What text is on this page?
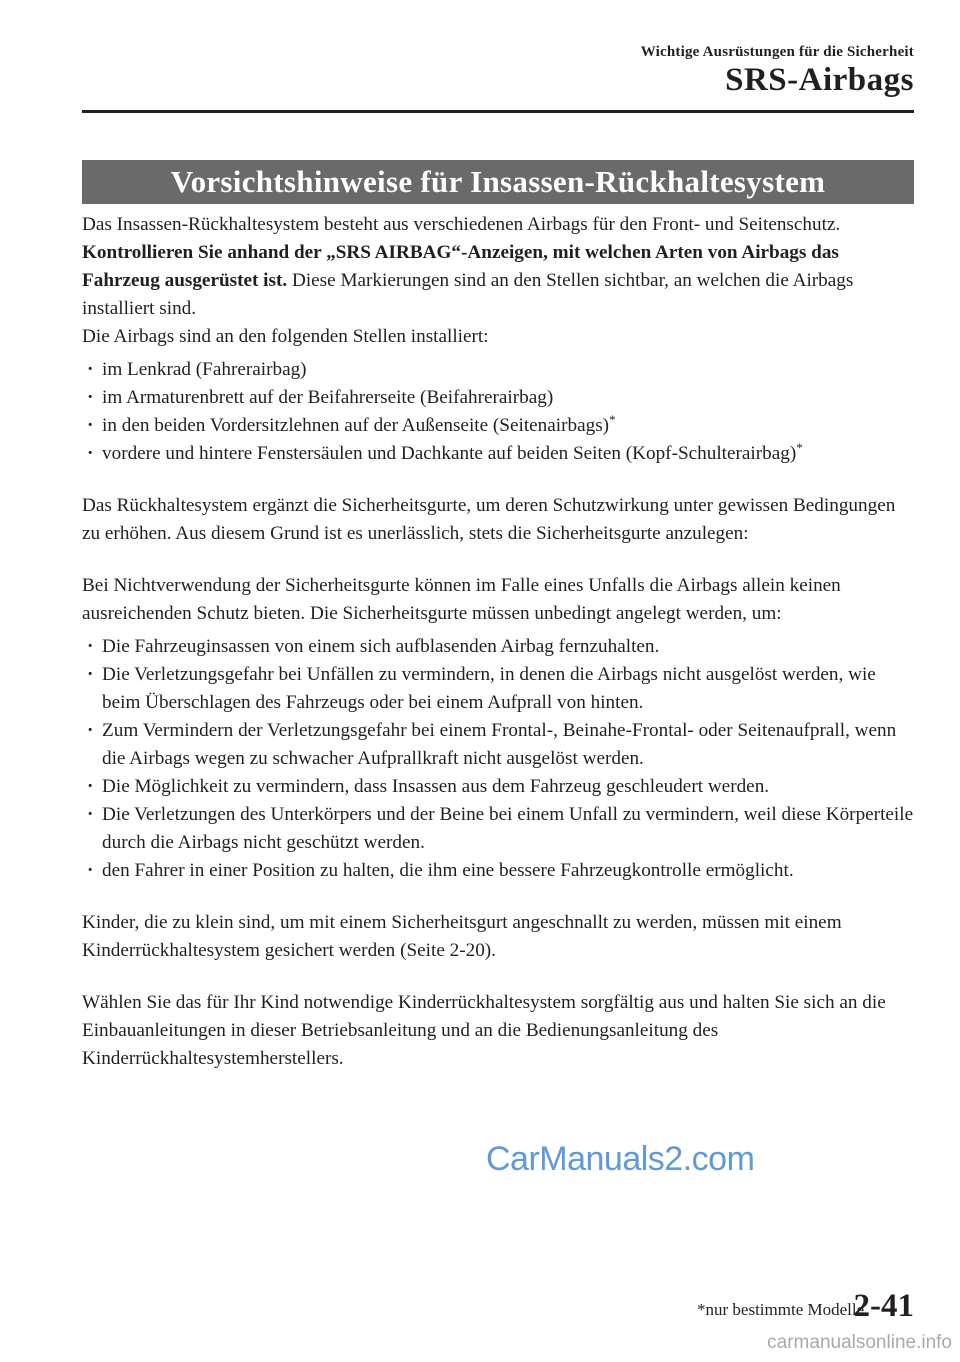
Wichtige Ausrüstungen für die Sicherheit
SRS-Airbags
Vorsichtshinweise für Insassen-Rückhaltesystem

Das Insassen-Rückhaltesystem besteht aus verschiedenen Airbags für den Front- und Seitenschutz. Kontrollieren Sie anhand der „SRS AIRBAG“-Anzeigen, mit welchen Arten von Airbags das Fahrzeug ausgerüstet ist. Diese Markierungen sind an den Stellen sichtbar, an welchen die Airbags installiert sind.

Die Airbags sind an den folgenden Stellen installiert:

· im Lenkrad (Fahrerairbag)
· im Armaturenbrett auf der Beifahrerseite (Beifahrerairbag)
· in den beiden Vordersitzlehnen auf der Außenseite (Seitenairbags)*
· vordere und hintere Fenstersäulen und Dachkante auf beiden Seiten (Kopf-Schulterairbag)*

Das Rückhaltesystem ergänzt die Sicherheitsgurte, um deren Schutzwirkung unter gewissen Bedingungen zu erhöhen. Aus diesem Grund ist es unerlässlich, stets die Sicherheitsgurte anzulegen:

Bei Nichtverwendung der Sicherheitsgurte können im Falle eines Unfalls die Airbags allein keinen ausreichenden Schutz bieten. Die Sicherheitsgurte müssen unbedingt angelegt werden, um:

· Die Fahrzeuginsassen von einem sich aufblasenden Airbag fernzuhalten.
· Die Verletzungsgefahr bei Unfällen zu vermindern, in denen die Airbags nicht ausgelöst werden, wie beim Überschlagen des Fahrzeugs oder bei einem Aufprall von hinten.
· Zum Vermindern der Verletzungsgefahr bei einem Frontal-, Beinahe-Frontal- oder Seitenaufprall, wenn die Airbags wegen zu schwacher Aufprallkraft nicht ausgelöst werden.
· Die Möglichkeit zu vermindern, dass Insassen aus dem Fahrzeug geschleudert werden.
· Die Verletzungen des Unterkörpers und der Beine bei einem Unfall zu vermindern, weil diese Körperteile durch die Airbags nicht geschützt werden.
· den Fahrer in einer Position zu halten, die ihm eine bessere Fahrzeugkontrolle ermöglicht.

Kinder, die zu klein sind, um mit einem Sicherheitsgurt angeschnallt zu werden, müssen mit einem Kinderrückhaltesystem gesichert werden (Seite 2-20).

Wählen Sie das für Ihr Kind notwendige Kinderrückhaltesystem sorgfältig aus und halten Sie sich an die Einbauanleitungen in dieser Betriebsanleitung und an die Bedienungsanleitung des Kinderrückhaltesystemherstellers.

CarManuals2.com
*nur bestimmte Modelle
2-41
carmanualsonline.info
